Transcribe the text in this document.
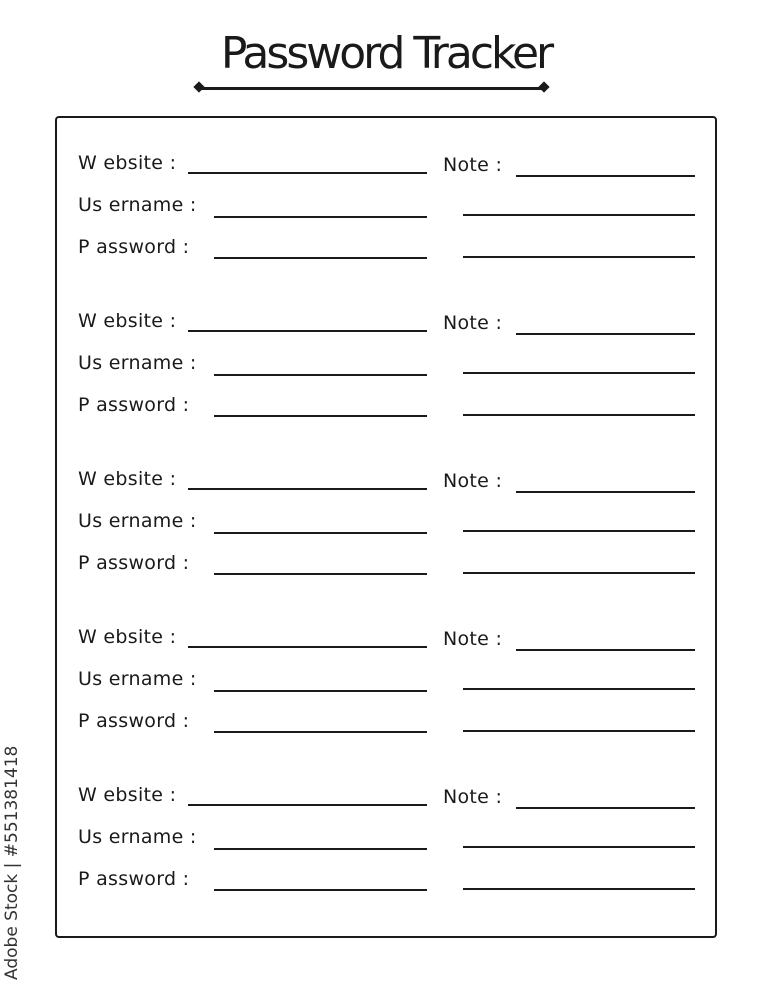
Password Tracker
W ebsite :	Note :
Us ername :
P assword :
W ebsite :	Note :
Us ername :
P assword :
W ebsite :	Note :
Us ername :
P assword :
W ebsite :	Note :
Us ername :
P assword :
W ebsite :	Note :
Us ername :
P assword :
Adobe Stock | #551381418
